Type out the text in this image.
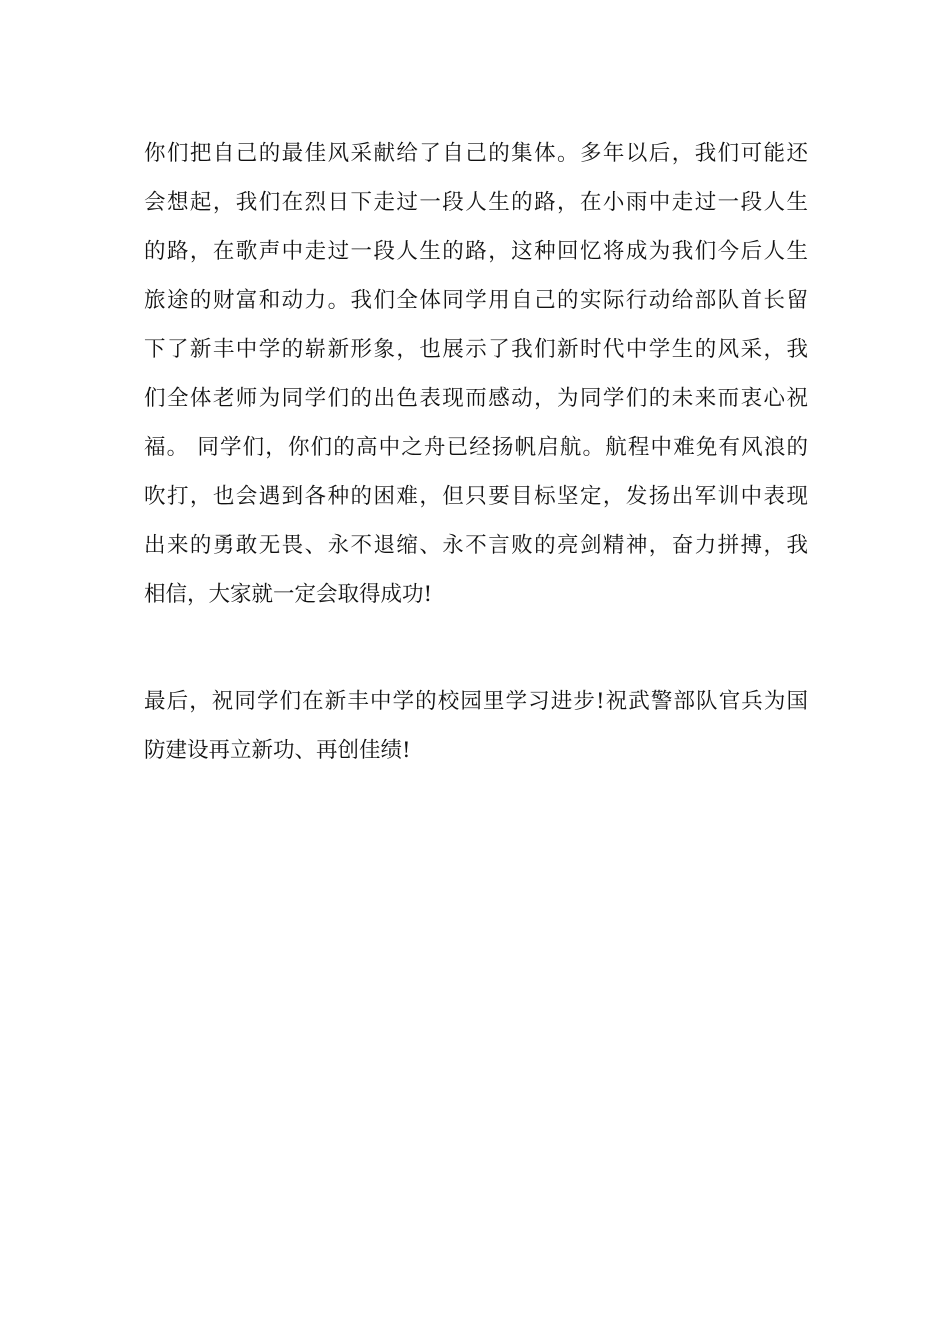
你们把自己的最佳风采献给了自己的集体。多年以后，我们可能还
会想起，我们在烈日下走过一段人生的路，在小雨中走过一段人生
的路，在歌声中走过一段人生的路，这种回忆将成为我们今后人生
旅途的财富和动力。我们全体同学用自己的实际行动给部队首长留
下了新丰中学的崭新形象，也展示了我们新时代中学生的风采，我
们全体老师为同学们的出色表现而感动，为同学们的未来而衷心祝
福。 同学们，你们的高中之舟已经扬帆启航。航程中难免有风浪的
吹打，也会遇到各种的困难，但只要目标坚定，发扬出军训中表现
出来的勇敢无畏、永不退缩、永不言败的亮剑精神，奋力拼搏，我
相信，大家就一定会取得成功!
最后，祝同学们在新丰中学的校园里学习进步!祝武警部队官兵为国
防建设再立新功、再创佳绩!
